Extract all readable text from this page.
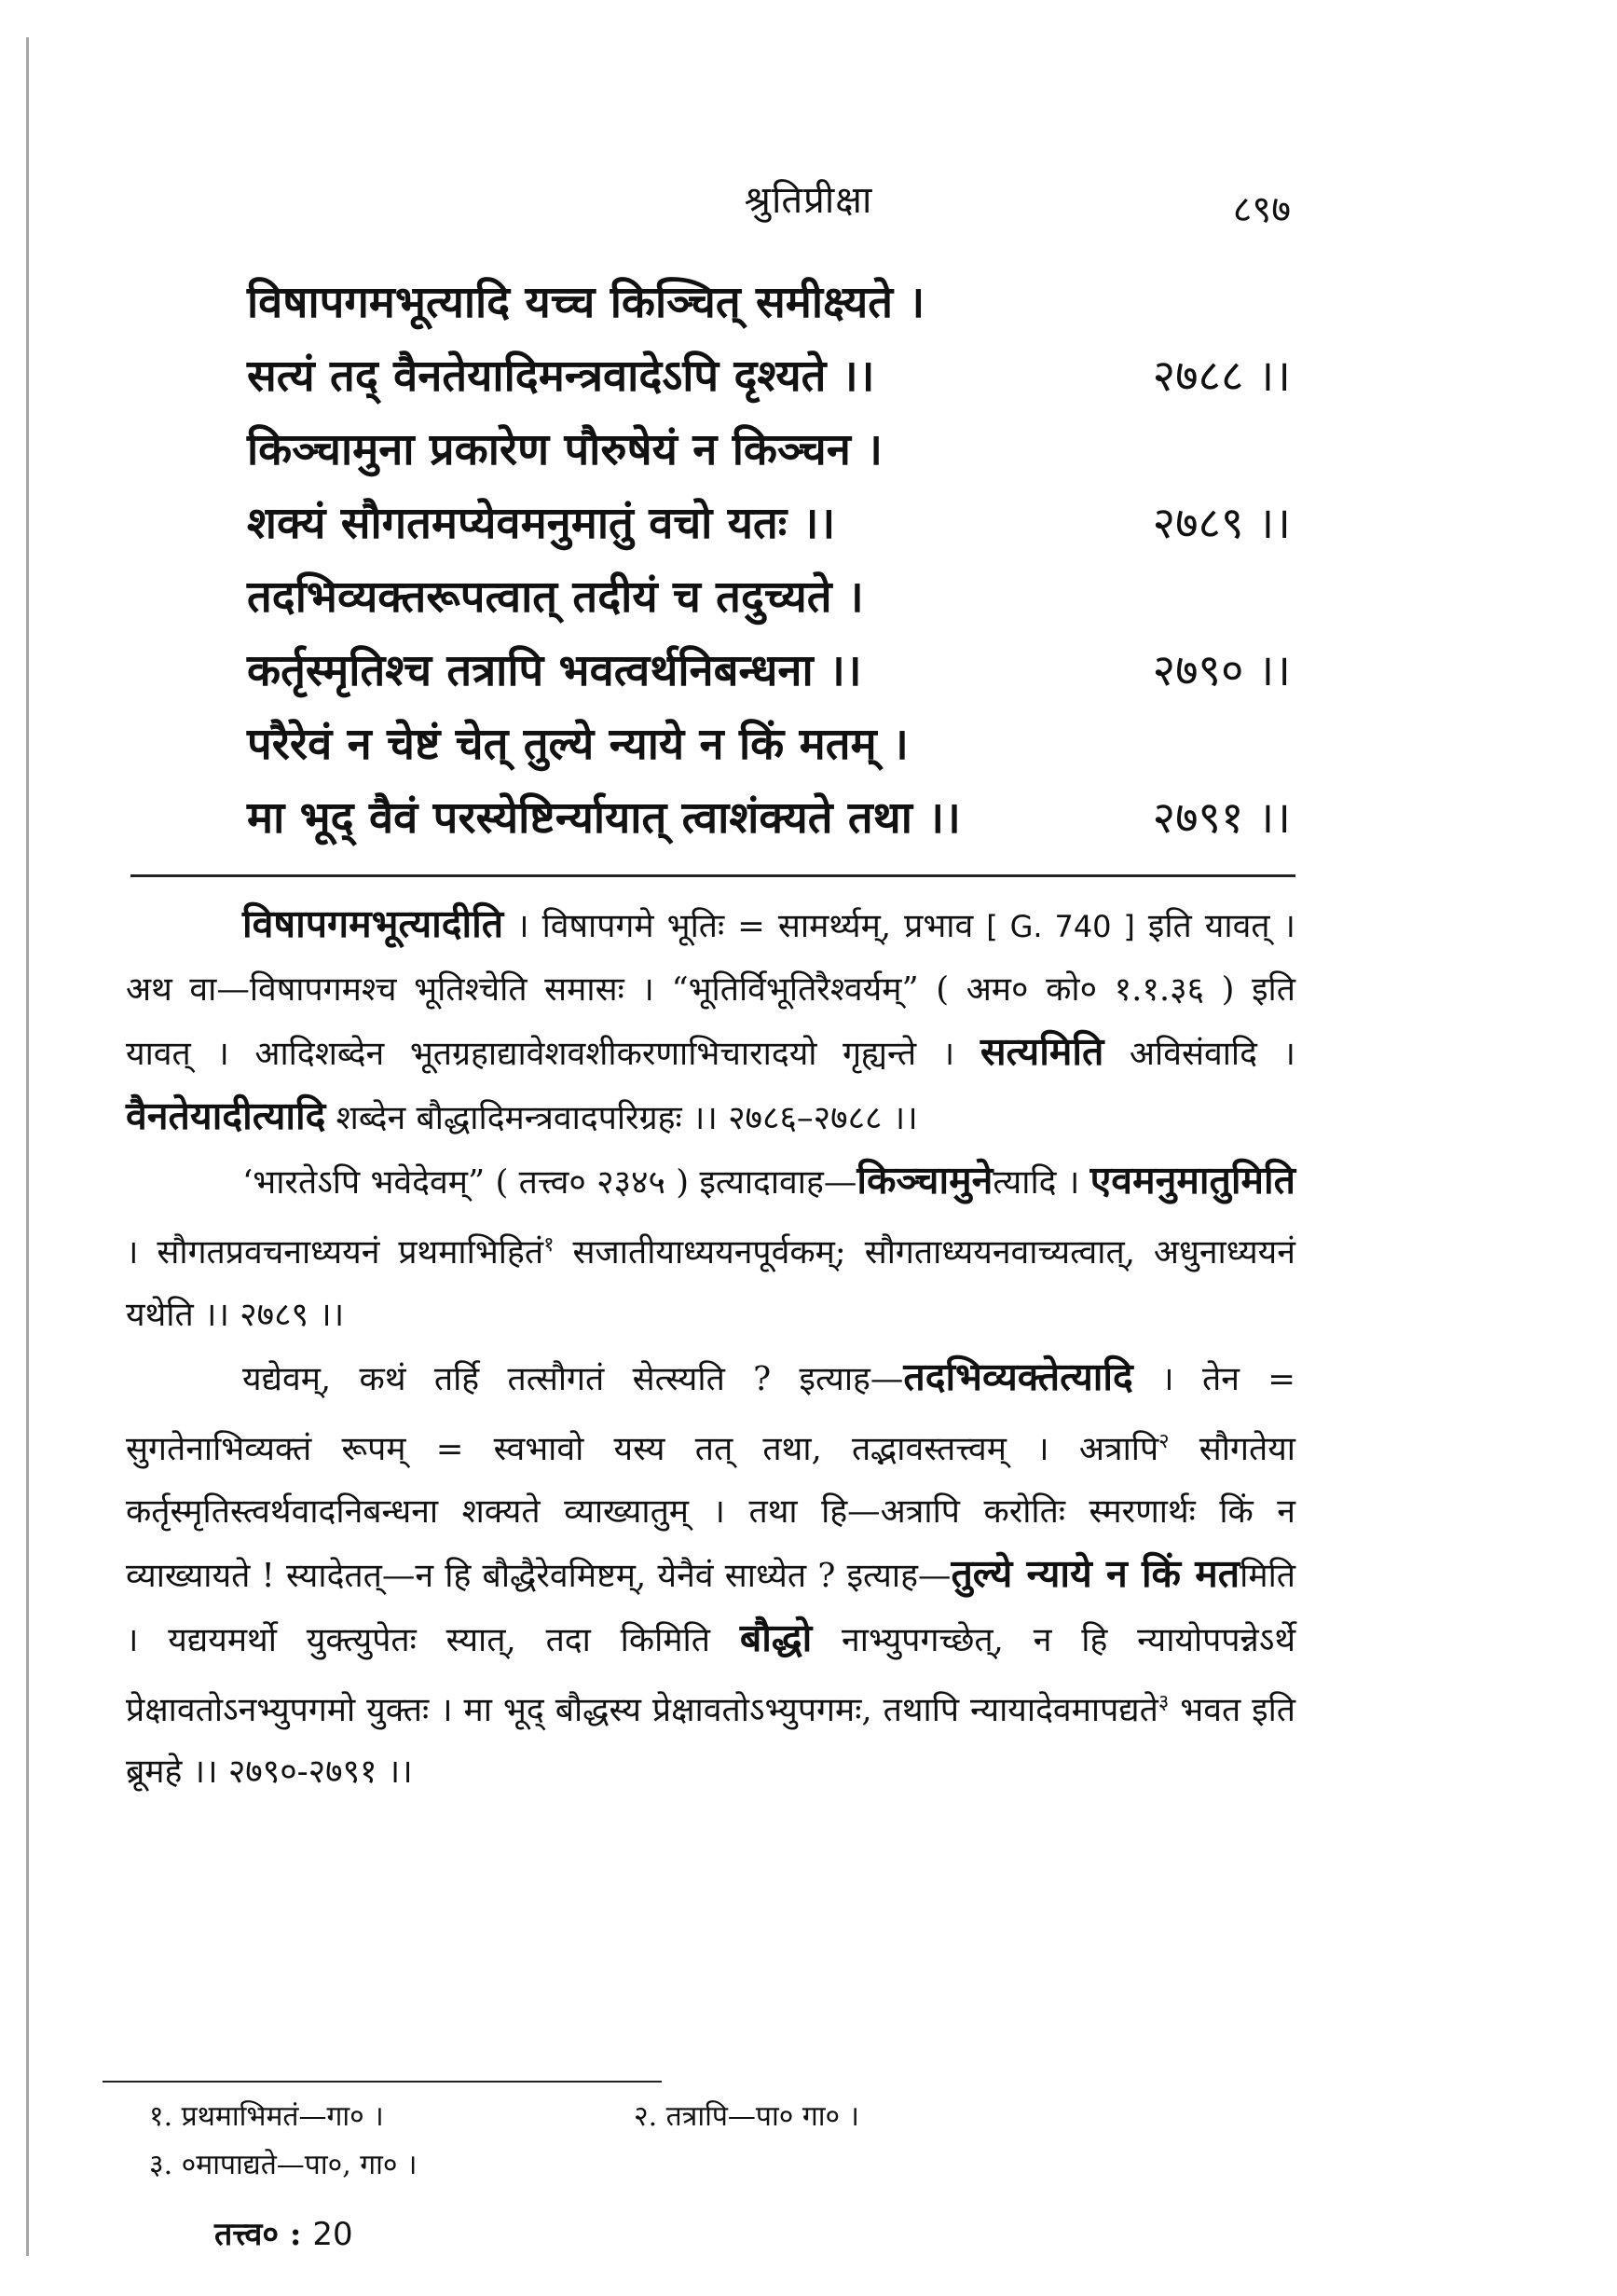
श्रुतिप्रीक्षा	८९७
विषापगमभूत्यादि यच्च किञ्चित् समीक्ष्यते ।
सत्यं तद् वैनतेयादिमन्त्रवादेऽपि दृश्यते ।।	२७८८ ।।
किञ्चामुना प्रकारेण पौरुषेयं न किञ्चन ।
शक्यं सौगतमप्येवमनुमातुं वचो यतः ।।	२७८९ ।।
तदभिव्यक्तरूपत्वात् तदीयं च तदुच्यते ।
कर्तृस्मृतिश्च तत्रापि भवत्वर्थनिबन्धना ।।	२७९० ।।
परैरेवं न चेष्टं चेत् तुल्ये न्याये न किं मतम् ।
मा भूद् वैवं परस्येष्टिर्न्यायात् त्वाशंक्यते तथा ।।	२७९१ ।।

विषापगमभूत्यादीति । विषापगमे भूतिः = सामर्थ्यम्, प्रभाव [ G. 740 ] इति यावत् । अथ वा—विषापगमश्च भूतिश्चेति समासः । “भूतिर्विभूतिरैश्वर्यम्” ( अम० को० १.१.३६ ) इति यावत् । आदिशब्देन भूतग्रहाद्यावेशवशीकरणाभिचारादयो गृह्यन्ते । सत्यमिति अविसंवादि । वैनतेयादीत्यादि शब्देन बौद्धादिमन्त्रवादपरिग्रहः ।। २७८६–२७८८ ।।

‘भारतेऽपि भवेदेवम्” ( तत्त्व० २३४५ ) इत्यादावाह—किञ्चामुनेत्यादि । एवमनुमातुमिति । सौगतप्रवचनाध्ययनं प्रथमाभिहितं$^१$ सजातीयाध्ययनपूर्वकम्; सौगताध्ययनवाच्यत्वात्, अधुनाध्ययनं यथेति ।। २७८९ ।।

यद्येवम्, कथं तर्हि तत्सौगतं सेत्स्यति ? इत्याह—तदभिव्यक्तेत्यादि । तेन = सुगतेनाभिव्यक्तं रूपम् = स्वभावो यस्य तत् तथा, तद्भावस्तत्त्वम् । अत्रापि$^२$ सौगतेया कर्तृस्मृतिस्त्वर्थवादनिबन्धना शक्यते व्याख्यातुम् । तथा हि—अत्रापि करोतिः स्मरणार्थः किं न व्याख्यायते ! स्यादेतत्—न हि बौद्धैरेवमिष्टम्, येनैवं साध्येत ? इत्याह—तुल्ये न्याये न किं मतमिति । यद्ययमर्थो युक्त्युपेतः स्यात्, तदा किमिति बौद्धो नाभ्युपगच्छेत्, न हि न्यायोपपन्नेऽर्थे प्रेक्षावतोऽनभ्युपगमो युक्तः । मा भूद् बौद्धस्य प्रेक्षावतोऽभ्युपगमः, तथापि न्यायादेवमापद्यते$^३$ भवत इति ब्रूमहे ।। २७९०-२७९१ ।।

१. प्रथमाभिमतं—गा० ।	२. तत्रापि—पा० गा० ।
३. ०मापाद्यते—पा०, गा० ।
तत्त्व० : 20
